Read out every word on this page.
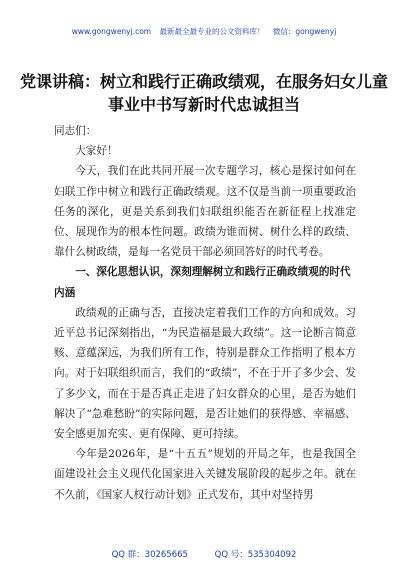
www.gongwenyj.com 最新最全最专业的公文资料库！ 微信：gongwenyj
党课讲稿：树立和践行正确政绩观，在服务妇女儿童事业中书写新时代忠诚担当

同志们：

大家好！

今天，我们在此共同开展一次专题学习，核心是探讨如何在妇联工作中树立和践行正确政绩观。这不仅是当前一项重要政治任务的深化，更是关系到我们妇联组织能否在新征程上找准定位、展现作为的根本性问题。政绩为谁而树、树什么样的政绩、靠什么树政绩，是每一名党员干部必须回答好的时代考卷。

一、深化思想认识，深刻理解树立和践行正确政绩观的时代内涵

政绩观的正确与否，直接决定着我们工作的方向和成效。习近平总书记深刻指出，“为民造福是最大政绩”。这一论断言简意赅、意蕴深远，为我们所有工作，特别是群众工作指明了根本方向。对于妇联组织而言，我们的“政绩”，不在于开了多少会、发了多少文，而在于是否真正走进了妇女群众的心里，是否为她们解决了“急难愁盼”的实际问题，是否让她们的获得感、幸福感、安全感更加充实、更有保障、更可持续。

今年是2026年，是“十五五”规划的开局之年，也是我国全面建设社会主义现代化国家进入关键发展阶段的起步之年。就在不久前，《国家人权行动计划》正式发布，其中对坚持男

QQ 群：30265665	QQ 号：535304092
